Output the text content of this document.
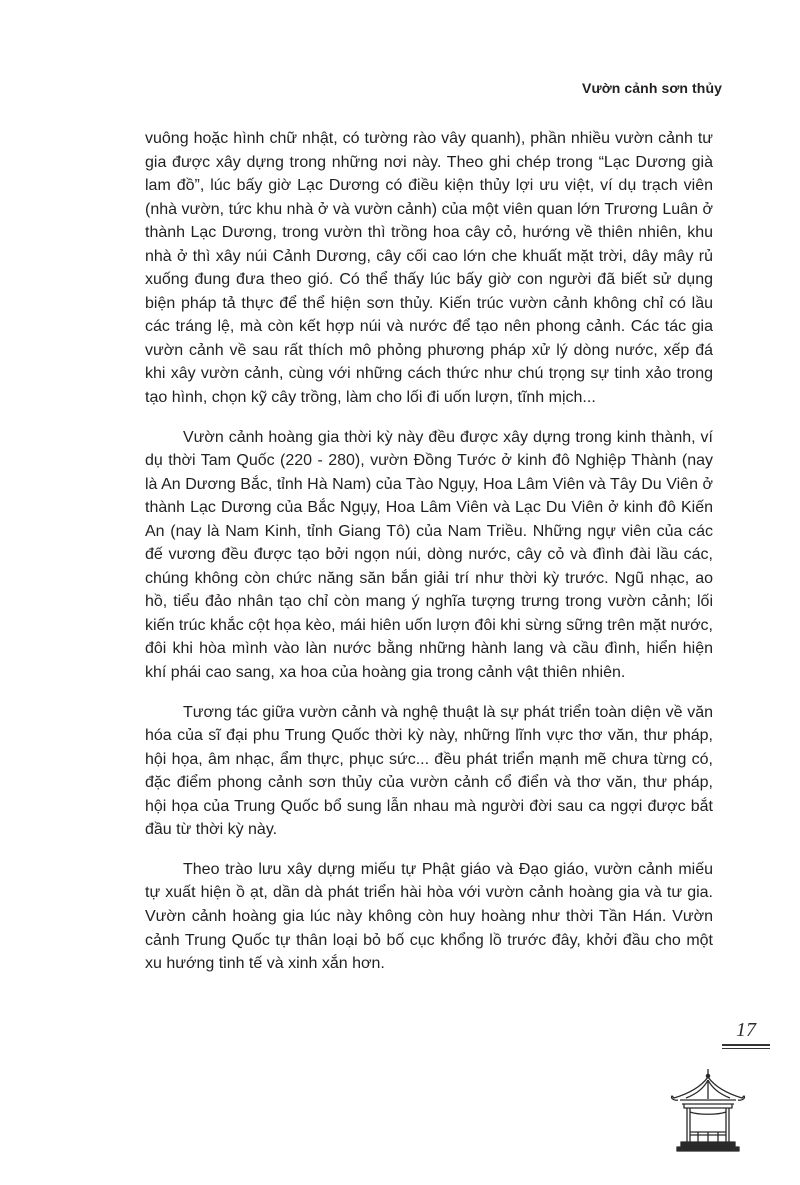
Vườn cảnh sơn thủy

vuông hoặc hình chữ nhật, có tường rào vây quanh), phần nhiều vườn cảnh tư gia được xây dựng trong những nơi này. Theo ghi chép trong “Lạc Dương già lam đồ”, lúc bấy giờ Lạc Dương có điều kiện thủy lợi ưu việt, ví dụ trạch viên (nhà vườn, tức khu nhà ở và vườn cảnh) của một viên quan lớn Trương Luân ở thành Lạc Dương, trong vườn thì trồng hoa cây cỏ, hướng về thiên nhiên, khu nhà ở thì xây núi Cảnh Dương, cây cối cao lớn che khuất mặt trời, dây mây rủ xuống đung đưa theo gió. Có thể thấy lúc bấy giờ con người đã biết sử dụng biện pháp tả thực để thể hiện sơn thủy. Kiến trúc vườn cảnh không chỉ có lầu các tráng lệ, mà còn kết hợp núi và nước để tạo nên phong cảnh. Các tác gia vườn cảnh về sau rất thích mô phỏng phương pháp xử lý dòng nước, xếp đá khi xây vườn cảnh, cùng với những cách thức như chú trọng sự tinh xảo trong tạo hình, chọn kỹ cây trồng, làm cho lối đi uốn lượn, tĩnh mịch...

Vườn cảnh hoàng gia thời kỳ này đều được xây dựng trong kinh thành, ví dụ thời Tam Quốc (220 - 280), vườn Đồng Tước ở kinh đô Nghiệp Thành (nay là An Dương Bắc, tỉnh Hà Nam) của Tào Ngụy, Hoa Lâm Viên và Tây Du Viên ở thành Lạc Dương của Bắc Ngụy, Hoa Lâm Viên và Lạc Du Viên ở kinh đô Kiến An (nay là Nam Kinh, tỉnh Giang Tô) của Nam Triều. Những ngự viên của các đế vương đều được tạo bởi ngọn núi, dòng nước, cây cỏ và đình đài lầu các, chúng không còn chức năng săn bắn giải trí như thời kỳ trước. Ngũ nhạc, ao hồ, tiểu đảo nhân tạo chỉ còn mang ý nghĩa tượng trưng trong vườn cảnh; lối kiến trúc khắc cột họa kèo, mái hiên uốn lượn đôi khi sừng sững trên mặt nước, đôi khi hòa mình vào làn nước bằng những hành lang và cầu đình, hiển hiện khí phái cao sang, xa hoa của hoàng gia trong cảnh vật thiên nhiên.

Tương tác giữa vườn cảnh và nghệ thuật là sự phát triển toàn diện về văn hóa của sĩ đại phu Trung Quốc thời kỳ này, những lĩnh vực thơ văn, thư pháp, hội họa, âm nhạc, ẩm thực, phục sức... đều phát triển mạnh mẽ chưa từng có, đặc điểm phong cảnh sơn thủy của vườn cảnh cổ điển và thơ văn, thư pháp, hội họa của Trung Quốc bổ sung lẫn nhau mà người đời sau ca ngợi được bắt đầu từ thời kỳ này.

Theo trào lưu xây dựng miếu tự Phật giáo và Đạo giáo, vườn cảnh miếu tự xuất hiện ồ ạt, dần dà phát triển hài hòa với vườn cảnh hoàng gia và tư gia. Vườn cảnh hoàng gia lúc này không còn huy hoàng như thời Tần Hán. Vườn cảnh Trung Quốc tự thân loại bỏ bố cục khổng lồ trước đây, khởi đầu cho một xu hướng tinh tế và xinh xắn hơn.

17
